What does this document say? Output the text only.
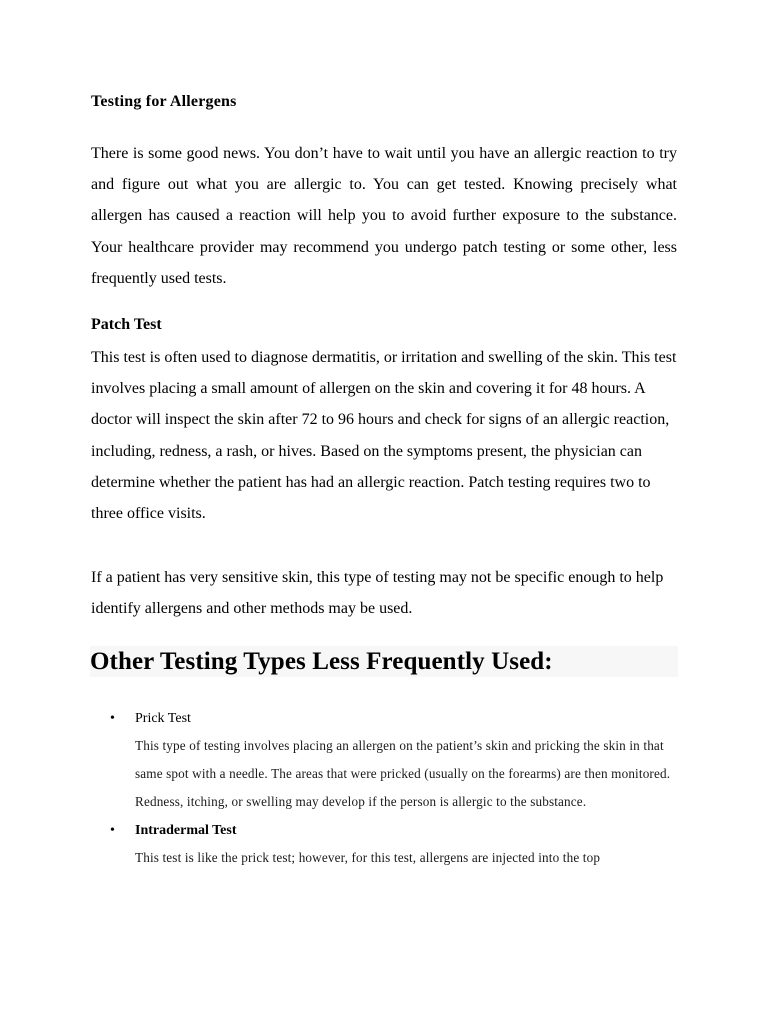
Testing for Allergens
There is some good news. You don’t have to wait until you have an allergic reaction to try and figure out what you are allergic to. You can get tested. Knowing precisely what allergen has caused a reaction will help you to avoid further exposure to the substance. Your healthcare provider may recommend you undergo patch testing or some other, less frequently used tests.
Patch Test
This test is often used to diagnose dermatitis, or irritation and swelling of the skin. This test involves placing a small amount of allergen on the skin and covering it for 48 hours. A doctor will inspect the skin after 72 to 96 hours and check for signs of an allergic reaction, including, redness, a rash, or hives. Based on the symptoms present, the physician can determine whether the patient has had an allergic reaction. Patch testing requires two to three office visits.
If a patient has very sensitive skin, this type of testing may not be specific enough to help identify allergens and other methods may be used.
Other Testing Types Less Frequently Used:
• Prick Test
This type of testing involves placing an allergen on the patient’s skin and pricking the skin in that same spot with a needle. The areas that were pricked (usually on the forearms) are then monitored. Redness, itching, or swelling may develop if the person is allergic to the substance.
• Intradermal Test
This test is like the prick test; however, for this test, allergens are injected into the top
